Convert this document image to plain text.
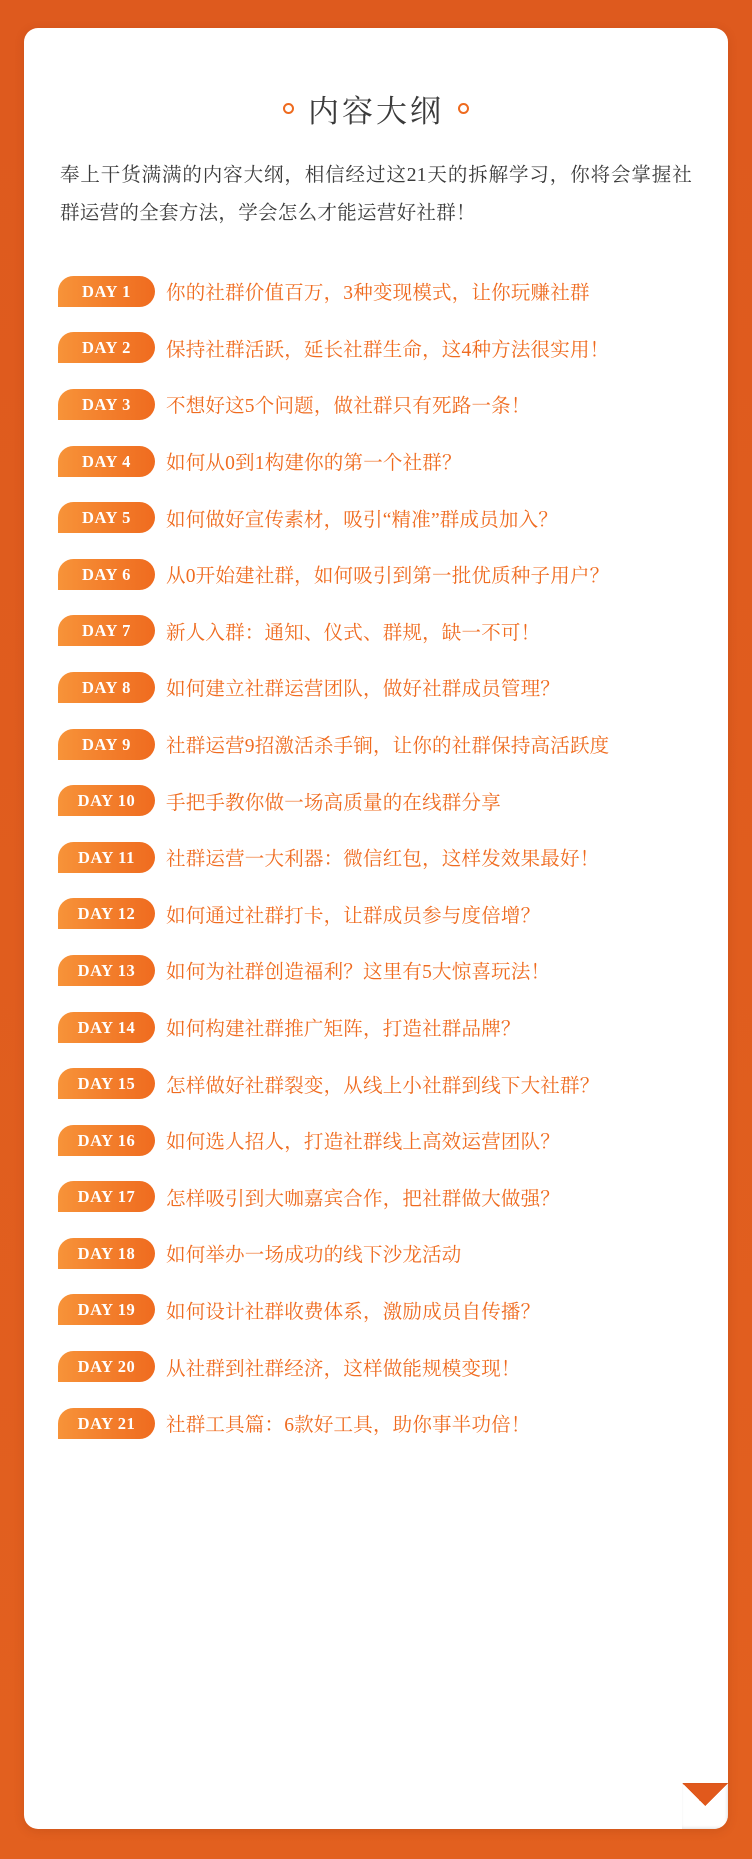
内容大纲

奉上干货满满的内容大纲，相信经过这21天的拆解学习，你将会掌握社群运营的全套方法，学会怎么才能运营好社群！

DAY 1	你的社群价值百万，3种变现模式，让你玩赚社群
DAY 2	保持社群活跃，延长社群生命，这4种方法很实用！
DAY 3	不想好这5个问题，做社群只有死路一条！
DAY 4	如何从0到1构建你的第一个社群？
DAY 5	如何做好宣传素材，吸引“精准”群成员加入？
DAY 6	从0开始建社群，如何吸引到第一批优质种子用户？
DAY 7	新人入群：通知、仪式、群规，缺一不可！
DAY 8	如何建立社群运营团队，做好社群成员管理？
DAY 9	社群运营9招激活杀手锏，让你的社群保持高活跃度
DAY 10	手把手教你做一场高质量的在线群分享
DAY 11	社群运营一大利器：微信红包，这样发效果最好！
DAY 12	如何通过社群打卡，让群成员参与度倍增？
DAY 13	如何为社群创造福利？这里有5大惊喜玩法！
DAY 14	如何构建社群推广矩阵，打造社群品牌？
DAY 15	怎样做好社群裂变，从线上小社群到线下大社群？
DAY 16	如何选人招人，打造社群线上高效运营团队？
DAY 17	怎样吸引到大咖嘉宾合作，把社群做大做强？
DAY 18	如何举办一场成功的线下沙龙活动
DAY 19	如何设计社群收费体系，激励成员自传播？
DAY 20	从社群到社群经济，这样做能规模变现！
DAY 21	社群工具篇：6款好工具，助你事半功倍！
